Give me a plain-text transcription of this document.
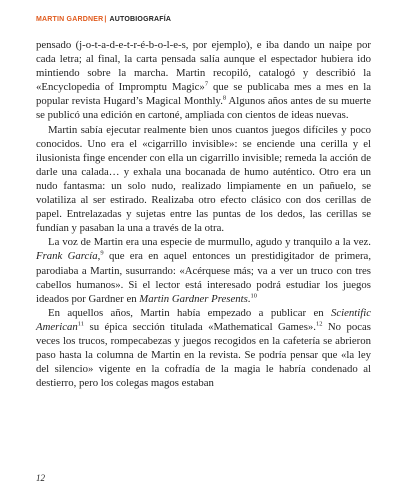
MARTIN GARDNER| AUTOBIOGRAFÍA

pensado (j-o-t-a-d-e-t-r-é-b-o-l-e-s, por ejemplo), e iba dando un naipe por cada letra; al final, la carta pensada salía aunque el espectador hubiera ido mintiendo sobre la marcha. Martin recopiló, catalogó y describió la «Encyclopedia of Impromptu Magic»$^7$ que se publicaba mes a mes en la popular revista Hugard’s Magical Monthly.$^8$ Algunos años antes de su muerte se publicó una edición en cartoné, ampliada con cientos de ideas nuevas.

Martin sabía ejecutar realmente bien unos cuantos juegos difíciles y poco conocidos. Uno era el «cigarrillo invisible»: se enciende una cerilla y el ilusionista finge encender con ella un cigarrillo invisible; remeda la acción de darle una calada… y exhala una bocanada de humo auténtico. Otro era un nudo fantasma: un solo nudo, realizado limpiamente en un pañuelo, se volatiliza al ser estirado. Realizaba otro efecto clásico con dos cerillas de papel. Entrelazadas y sujetas entre las puntas de los dedos, las cerillas se fundían y pasaban la una a través de la otra.

La voz de Martin era una especie de murmullo, agudo y tranquilo a la vez. Frank García,$^9$ que era en aquel entonces un prestidigitador de primera, parodiaba a Martin, susurrando: «Acérquese más; va a ver un truco con tres cabellos humanos». Si el lector está interesado podrá estudiar los juegos ideados por Gardner en Martin Gardner Presents.$^{10}$

En aquellos años, Martin había empezado a publicar en Scientific American$^{11}$ su épica sección titulada «Mathematical Games».$^{12}$ No pocas veces los trucos, rompecabezas y juegos recogidos en la cafetería se abrieron paso hasta la columna de Martin en la revista. Se podría pensar que «la ley del silencio» vigente en la cofradía de la magia le habría condenado al destierro, pero los colegas magos estaban

12
